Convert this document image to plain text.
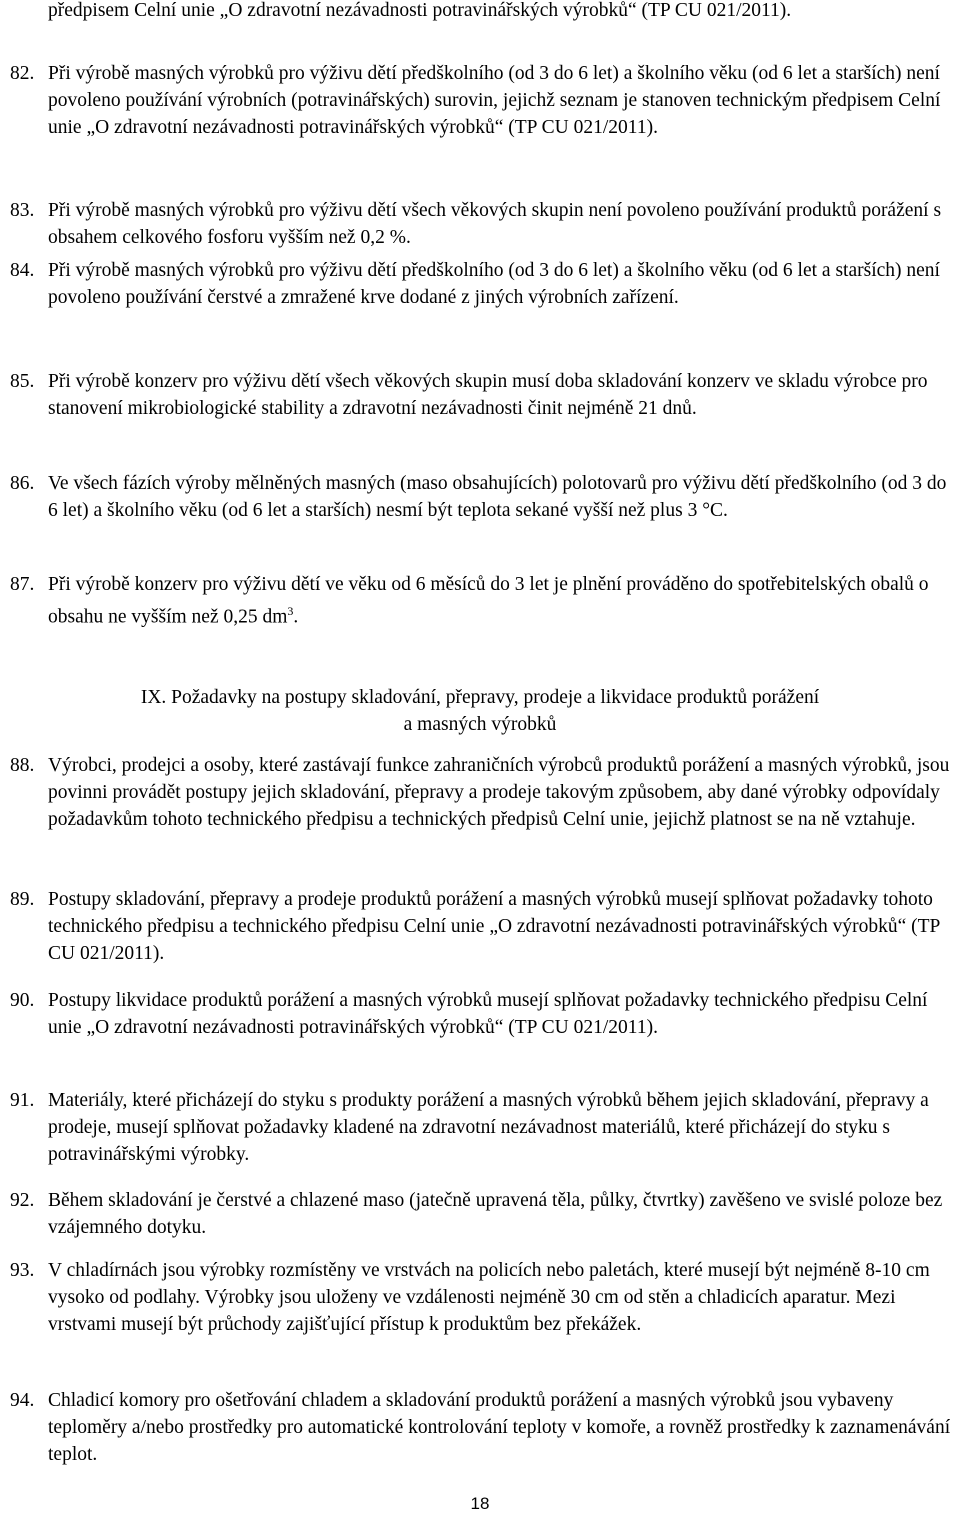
předpisem Celní unie „O zdravotní nezávadnosti potravinářských výrobků“ (TP CU 021/2011).
82. Při výrobě masných výrobků pro výživu dětí předškolního (od 3 do 6 let) a školního věku (od 6 let a starších) není povoleno používání výrobních (potravinářských) surovin, jejichž seznam je stanoven technickým předpisem Celní unie „O zdravotní nezávadnosti potravinářských výrobků“ (TP CU 021/2011).
83. Při výrobě masných výrobků pro výživu dětí všech věkových skupin není povoleno používání produktů porážení s obsahem celkového fosforu vyšším než 0,2 %.
84. Při výrobě masných výrobků pro výživu dětí předškolního (od 3 do 6 let) a školního věku (od 6 let a starších) není povoleno používání čerstvé a zmražené krve dodané z jiných výrobních zařízení.
85. Při výrobě konzerv pro výživu dětí všech věkových skupin musí doba skladování konzerv ve skladu výrobce pro stanovení mikrobiologické stability a zdravotní nezávadnosti činit nejméně 21 dnů.
86. Ve všech fázích výroby mělněných masných (maso obsahujících) polotovarů pro výživu dětí předškolního (od 3 do 6 let) a školního věku (od 6 let a starších) nesmí být teplota sekané vyšší než plus 3 °C.
87. Při výrobě konzerv pro výživu dětí ve věku od 6 měsíců do 3 let je plnění prováděno do spotřebitelských obalů o obsahu ne vyšším než 0,25 $dm^3$.
IX. Požadavky na postupy skladování, přepravy, prodeje a likvidace produktů porážení
a masných výrobků
88. Výrobci, prodejci a osoby, které zastávají funkce zahraničních výrobců produktů porážení a masných výrobků, jsou povinni provádět postupy jejich skladování, přepravy a prodeje takovým způsobem, aby dané výrobky odpovídaly požadavkům tohoto technického předpisu a technických předpisů Celní unie, jejichž platnost se na ně vztahuje.
89. Postupy skladování, přepravy a prodeje produktů porážení a masných výrobků musejí splňovat požadavky tohoto technického předpisu a technického předpisu Celní unie „O zdravotní nezávadnosti potravinářských výrobků“ (TP CU 021/2011).
90. Postupy likvidace produktů porážení a masných výrobků musejí splňovat požadavky technického předpisu Celní unie „O zdravotní nezávadnosti potravinářských výrobků“ (TP CU 021/2011).
91. Materiály, které přicházejí do styku s produkty porážení a masných výrobků během jejich skladování, přepravy a prodeje, musejí splňovat požadavky kladené na zdravotní nezávadnost materiálů, které přicházejí do styku s potravinářskými výrobky.
92. Během skladování je čerstvé a chlazené maso (jatečně upravená těla, půlky, čtvrtky) zavěšeno ve svislé poloze bez vzájemného dotyku.
93. V chladírnách jsou výrobky rozmístěny ve vrstvách na policích nebo paletách, které musejí být nejméně 8-10 cm vysoko od podlahy. Výrobky jsou uloženy ve vzdálenosti nejméně 30 cm od stěn a chladicích aparatur. Mezi vrstvami musejí být průchody zajišťující přístup k produktům bez překážek.
94. Chladicí komory pro ošetřování chladem a skladování produktů porážení a masných výrobků jsou vybaveny teploměry a/nebo prostředky pro automatické kontrolování teploty v komoře, a rovněž prostředky k zaznamenávání teplot.
18
